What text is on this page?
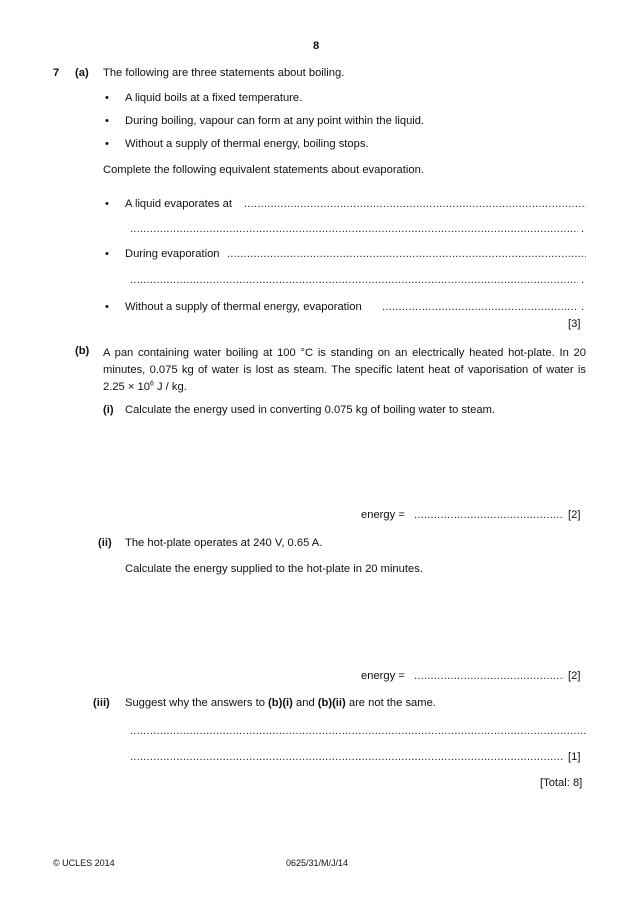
8
7 (a) The following are three statements about boiling.
• A liquid boils at a fixed temperature.
• During boiling, vapour can form at any point within the liquid.
• Without a supply of thermal energy, boiling stops.
Complete the following equivalent statements about evaporation.
• A liquid evaporates at
.....
.....
.
• During evaporation
.....
.....
.
• Without a supply of thermal energy, evaporation .....	.
[3]
(b) A pan containing water boiling at 100 °C is standing on an electrically heated hot-plate. In 20 minutes, 0.075 kg of water is lost as steam. The specific latent heat of vaporisation of water is $2.25 \times 10^6$ J / kg.
(i) Calculate the energy used in converting 0.075 kg of boiling water to steam.
energy = .....	[2]
(ii) The hot-plate operates at 240 V, 0.65 A.
Calculate the energy supplied to the hot-plate in 20 minutes.
energy = .....	[2]
(iii) Suggest why the answers to (b)(i) and (b)(ii) are not the same.
.....
.....
[1]
[Total: 8]
© UCLES 2014	0625/31/M/J/14
